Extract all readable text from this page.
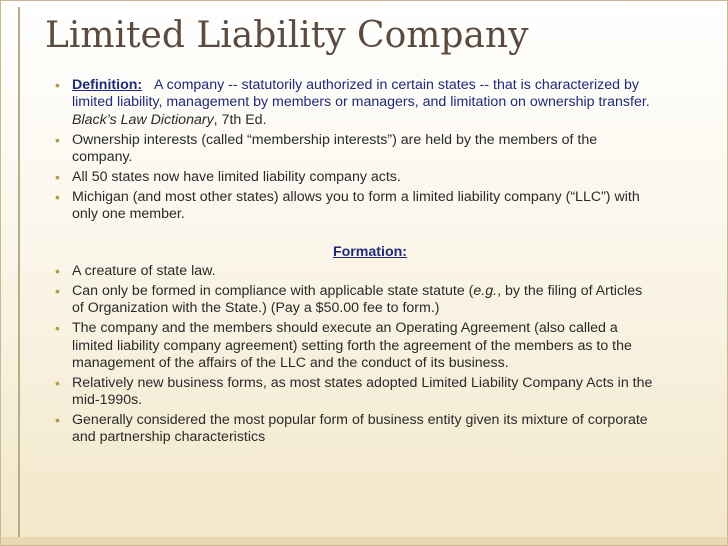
Limited Liability Company
• Definition: A company -- statutorily authorized in certain states -- that is characterized by limited liability, management by members or managers, and limitation on ownership transfer. Black’s Law Dictionary, 7th Ed.
• Ownership interests (called “membership interests”) are held by the members of the company.
• All 50 states now have limited liability company acts.
• Michigan (and most other states) allows you to form a limited liability company (“LLC”) with only one member.
Formation:
• A creature of state law.
• Can only be formed in compliance with applicable state statute (e.g., by the filing of Articles of Organization with the State.) (Pay a $50.00 fee to form.)
• The company and the members should execute an Operating Agreement (also called a limited liability company agreement) setting forth the agreement of the members as to the management of the affairs of the LLC and the conduct of its business.
• Relatively new business forms, as most states adopted Limited Liability Company Acts in the mid-1990s.
• Generally considered the most popular form of business entity given its mixture of corporate and partnership characteristics
